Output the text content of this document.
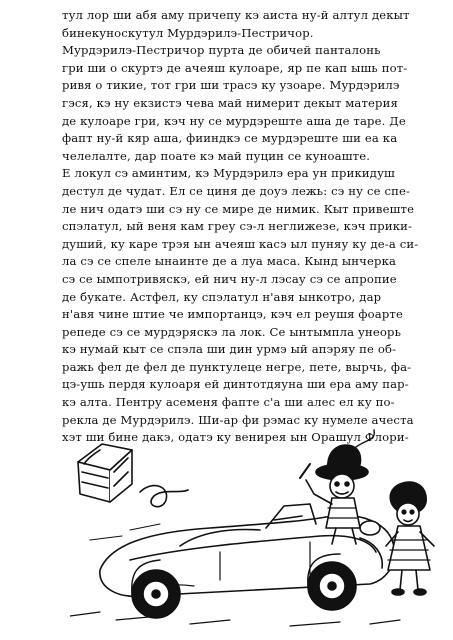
тул лор ши абя аму причепу кэ аиста ну-й алтул декыт
бинекуноскутул Мурдэрилэ-Пестричор.
Мурдэрилэ-Пестричор пурта де обичей панталонь
гри ши о скуртэ де ачеяш кулоаре, яр пе кап ышь пот-
ривя о тикие, тот гри ши трасэ ку узоаре. Мурдэрилэ
гэся, кэ ну екзистэ чева май нимерит декыт материя
де кулоаре гри, кэч ну се мурдэреште аша де таре. Де
фапт ну-й кяр аша, фииндкэ се мурдэреште ши еа ка
челелалте, дар поате кэ май пуцин се куноаште.
Е локул сэ аминтим, кэ Мурдэрилэ ера ун прикидуш
дестул де чудат. Ел се циня де доуэ лежь: сэ ну се спе-
ле нич одатэ ши сэ ну се мире де нимик. Кыт привеште
спэлатул, ый веня кам греу сэ-л неглижезе, кэч прики-
душий, ку каре трэя ын ачеяш касэ ыл пуняу ку де-а си-
ла сэ се спеле ынаинте де а луа маса. Кынд ынчерка
сэ се ымпотривяскэ, ей нич ну-л лэсау сэ се апропие
де букате. Астфел, ку спэлатул н'авя ынкотро, дар
н'авя чине штие че импортанцэ, кэч ел реушя фоарте
репеде сэ се мурдэряскэ ла лок. Се ынтымпла унеорь
кэ нумай кыт се спэла ши дин урмэ ый апэряу пе об-
ражь фел де фел де пунктулеце негре, пете, вырчь, фа-
цэ-ушь пердя кулоаря ей динтотдяуна ши ера аму пар-
кэ алта. Пентру асеменя фапте с'а ши алес ел ку по-
рекла де Мурдэрилэ. Ши-ар фи рэмас ку нумеле ачеста
хэт ши бине дакэ, одатэ ку венирея ын Орашул Флори-
